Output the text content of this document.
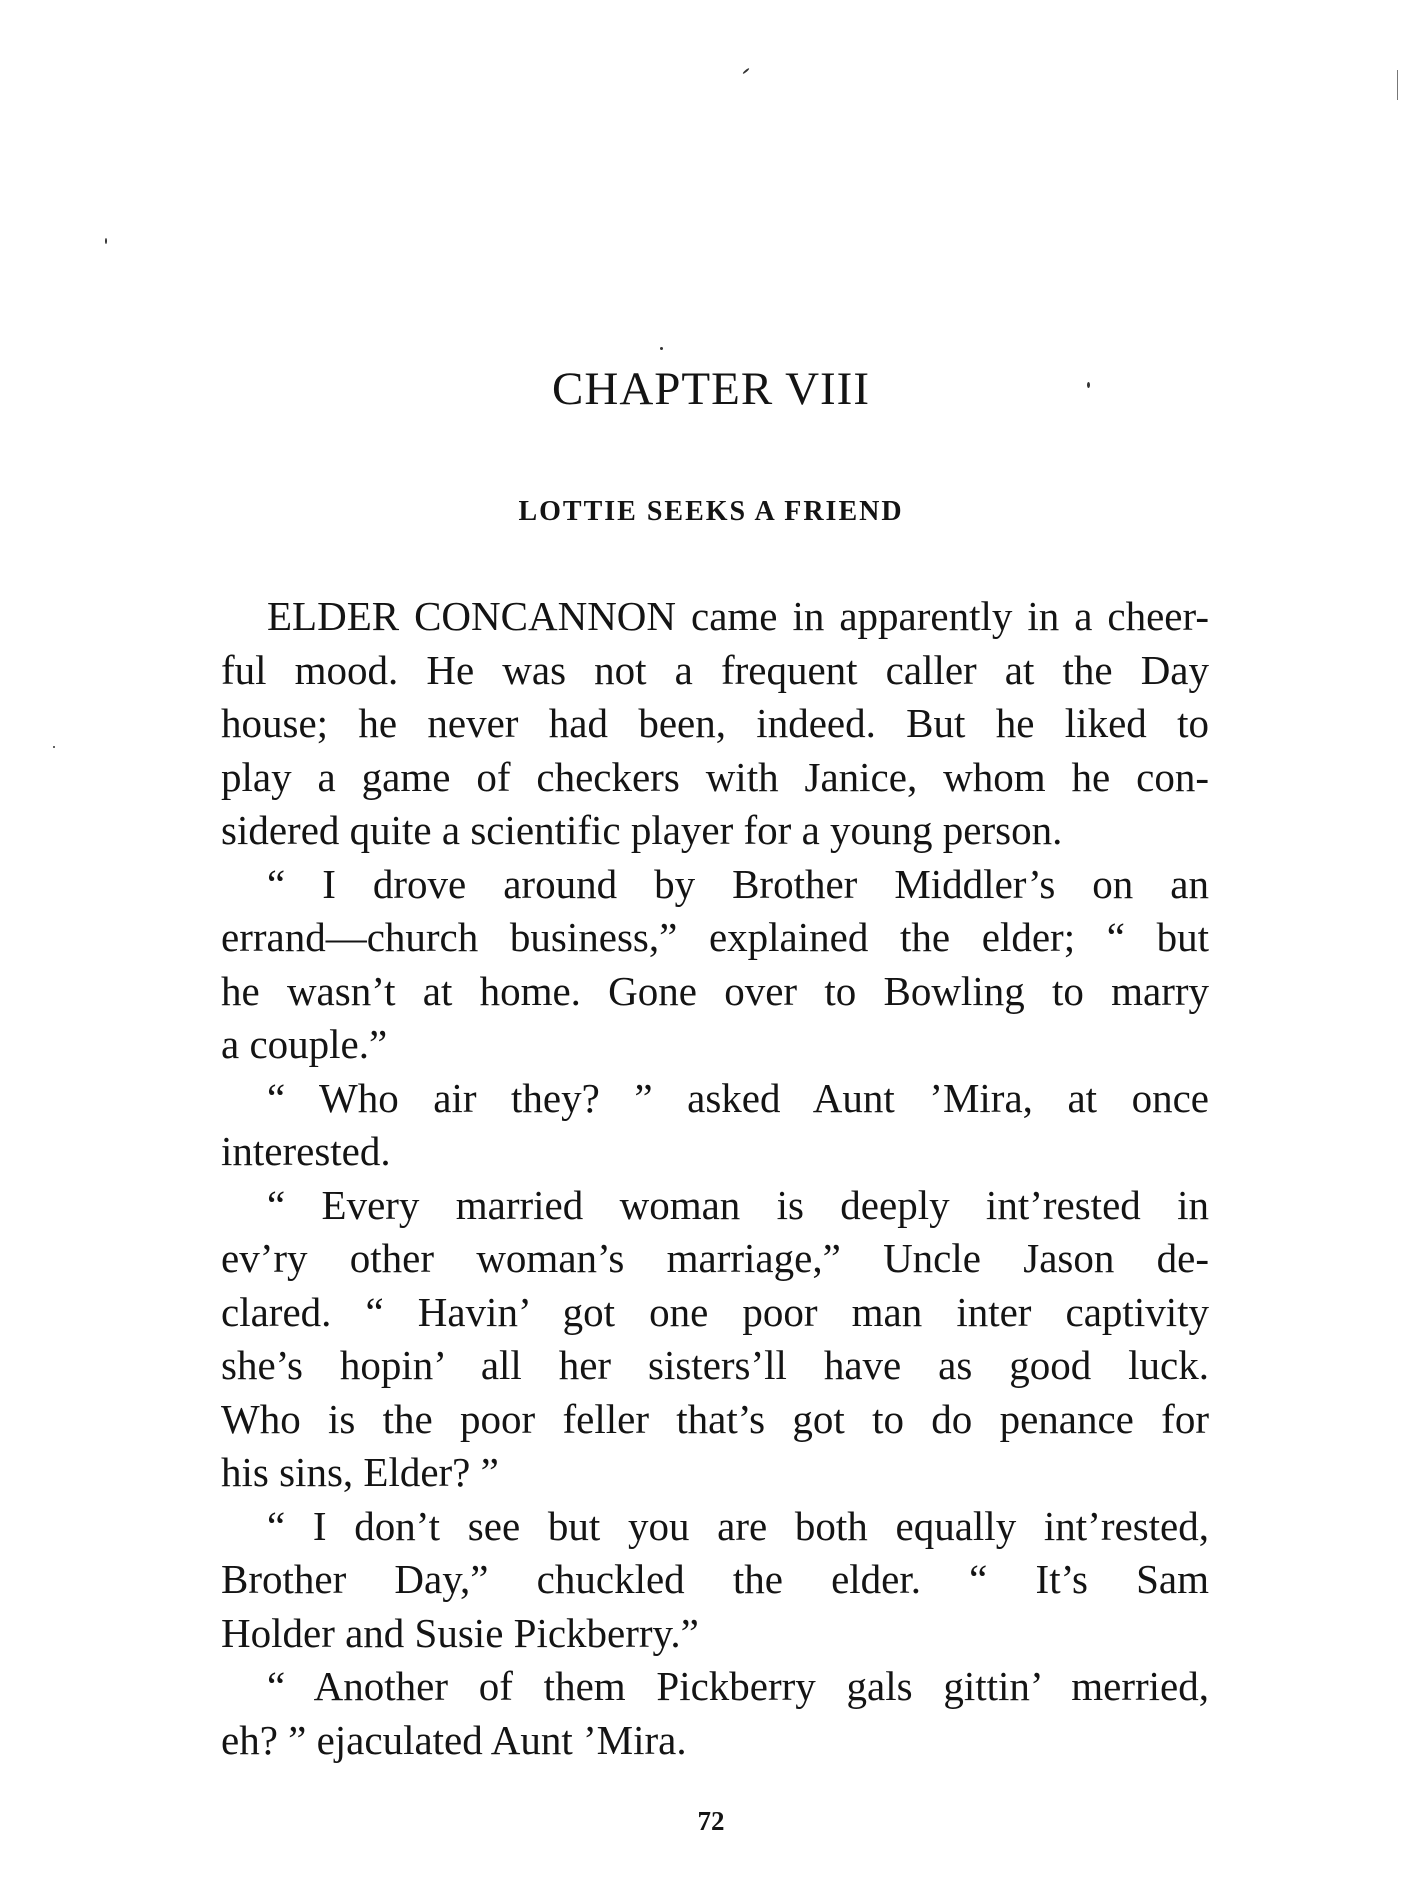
CHAPTER VIII
LOTTIE SEEKS A FRIEND
ELDER CONCANNON came in apparently in a cheer-
ful mood. He was not a frequent caller at the Day
house; he never had been, indeed. But he liked to
play a game of checkers with Janice, whom he con-
sidered quite a scientific player for a young person.
“ I drove around by Brother Middler’s on an
errand—church business,” explained the elder; “ but
he wasn’t at home. Gone over to Bowling to marry
a couple.”
“ Who air they? ” asked Aunt ’Mira, at once
interested.
“ Every married woman is deeply int’rested in
ev’ry other woman’s marriage,” Uncle Jason de-
clared. “ Havin’ got one poor man inter captivity
she’s hopin’ all her sisters’ll have as good luck.
Who is the poor feller that’s got to do penance for
his sins, Elder? ”
“ I don’t see but you are both equally int’rested,
Brother Day,” chuckled the elder. “ It’s Sam
Holder and Susie Pickberry.”
“ Another of them Pickberry gals gittin’ merried,
eh? ” ejaculated Aunt ’Mira.
72
